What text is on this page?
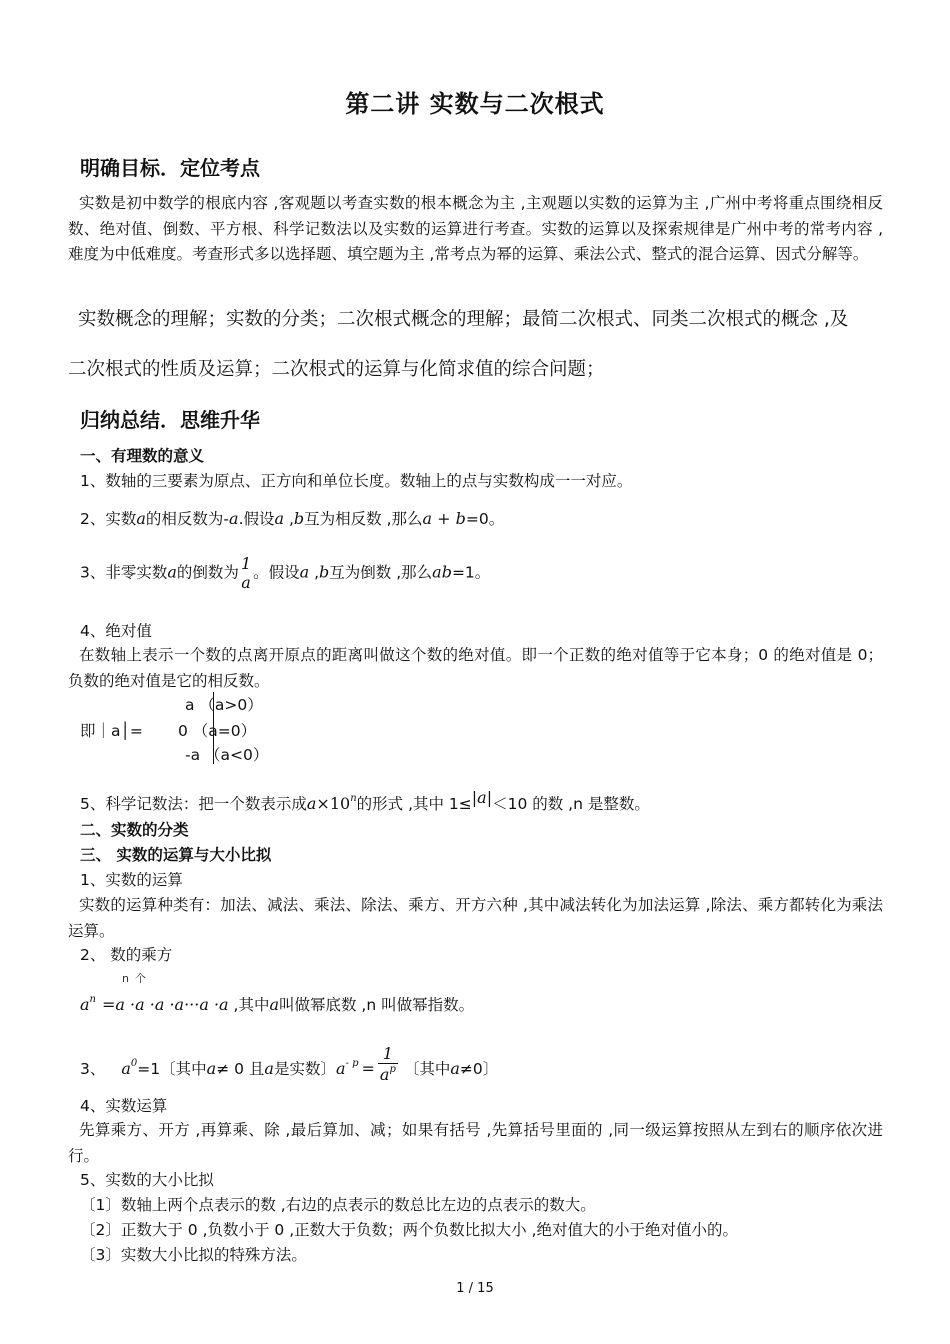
第二讲 实数与二次根式
明确目标．定位考点
实数是初中数学的根底内容 ,客观题以考查实数的根本概念为主 ,主观题以实数的运算为主 ,广州中考将重点围绕相反数、绝对值、倒数、平方根、科学记数法以及实数的运算进行考查。实数的运算以及探索规律是广州中考的常考内容 ,难度为中低难度。考查形式多以选择题、填空题为主 ,常考点为幂的运算、乘法公式、整式的混合运算、因式分解等。
实数概念的理解；实数的分类；二次根式概念的理解；最简二次根式、同类二次根式的概念 ,及
二次根式的性质及运算；二次根式的运算与化简求值的综合问题；
归纳总结．思维升华
一、有理数的意义
1、数轴的三要素为原点、正方向和单位长度。数轴上的点与实数构成一一对应。
2、实数a的相反数为-a.假设a ,b互为相反数 ,那么a + b=0。
3、非零实数a的倒数为 1
a
。假设a ,b互为倒数 ,那么ab=1。
4、绝对值
在数轴上表示一个数的点离开原点的距离叫做这个数的绝对值。即一个正数的绝对值等于它本身；0 的绝对值是 0；负数的绝对值是它的相反数。
即｜a│=
a （a>0）
0 （a=0）
-a （a<0）
5、科学记数法：把一个数表示成$a\times 10^n$的形式 ,其中 1≤|a|＜10 的数 ,n 是整数。
二、实数的分类
三、 实数的运算与大小比拟
1、实数的运算
实数的运算种类有：加法、减法、乘法、除法、乘方、开方六种 ,其中减法转化为加法运算 ,除法、乘方都转化为乘法运算。
2、 数的乘方
n个
$a^n =a \cdot a \cdot a \cdot a\cdot\cdot\cdot a \cdot a$ ,其中a叫做幂底数 ,n 叫做幂指数。
3、 $a^0=1$〔其中a≠ 0 且a是实数〕$a^{- p} = \frac{1}{a^p}$ 〔其中a≠0〕
4、实数运算
先算乘方、开方 ,再算乘、除 ,最后算加、减；如果有括号 ,先算括号里面的 ,同一级运算按照从左到右的顺序依次进行。
5、实数的大小比拟
〔1〕数轴上两个点表示的数 ,右边的点表示的数总比左边的点表示的数大。
〔2〕正数大于 0 ,负数小于 0 ,正数大于负数；两个负数比拟大小 ,绝对值大的小于绝对值小的。
〔3〕实数大小比拟的特殊方法。
1 / 15
